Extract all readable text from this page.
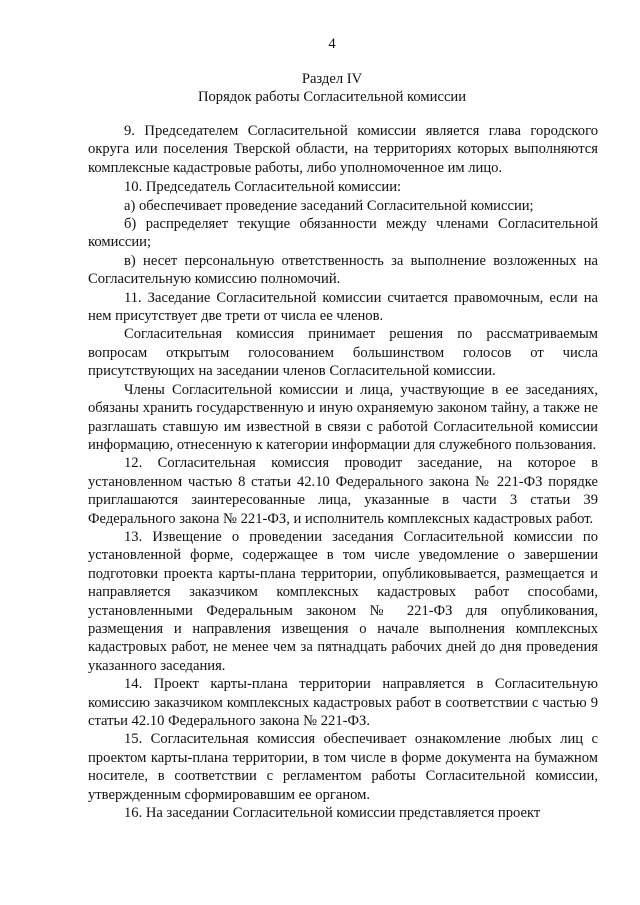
4
Раздел IV
Порядок работы Согласительной комиссии

9. Председателем Согласительной комиссии является глава городского округа или поселения Тверской области, на территориях которых выполняются комплексные кадастровые работы, либо уполномоченное им лицо.

10. Председатель Согласительной комиссии:

а) обеспечивает проведение заседаний Согласительной комиссии;

б) распределяет текущие обязанности между членами Согласительной комиссии;

в) несет персональную ответственность за выполнение возложенных на Согласительную комиссию полномочий.

11. Заседание Согласительной комиссии считается правомочным, если на нем присутствует две трети от числа ее членов.

Согласительная комиссия принимает решения по рассматриваемым вопросам открытым голосованием большинством голосов от числа присутствующих на заседании членов Согласительной комиссии.

Члены Согласительной комиссии и лица, участвующие в ее заседаниях, обязаны хранить государственную и иную охраняемую законом тайну, а также не разглашать ставшую им известной в связи с работой Согласительной комиссии информацию, отнесенную к категории информации для служебного пользования.

12. Согласительная комиссия проводит заседание, на которое в установленном частью 8 статьи 42.10 Федерального закона № 221-ФЗ порядке приглашаются заинтересованные лица, указанные в части 3 статьи 39 Федерального закона № 221-ФЗ, и исполнитель комплексных кадастровых работ.

13. Извещение о проведении заседания Согласительной комиссии по установленной форме, содержащее в том числе уведомление о завершении подготовки проекта карты-плана территории, опубликовывается, размещается и направляется заказчиком комплексных кадастровых работ способами, установленными Федеральным законом № 221-ФЗ для опубликования, размещения и направления извещения о начале выполнения комплексных кадастровых работ, не менее чем за пятнадцать рабочих дней до дня проведения указанного заседания.

14. Проект карты-плана территории направляется в Согласительную комиссию заказчиком комплексных кадастровых работ в соответствии с частью 9 статьи 42.10 Федерального закона № 221-ФЗ.

15. Согласительная комиссия обеспечивает ознакомление любых лиц с проектом карты-плана территории, в том числе в форме документа на бумажном носителе, в соответствии с регламентом работы Согласительной комиссии, утвержденным сформировавшим ее органом.

16. На заседании Согласительной комиссии представляется проект
